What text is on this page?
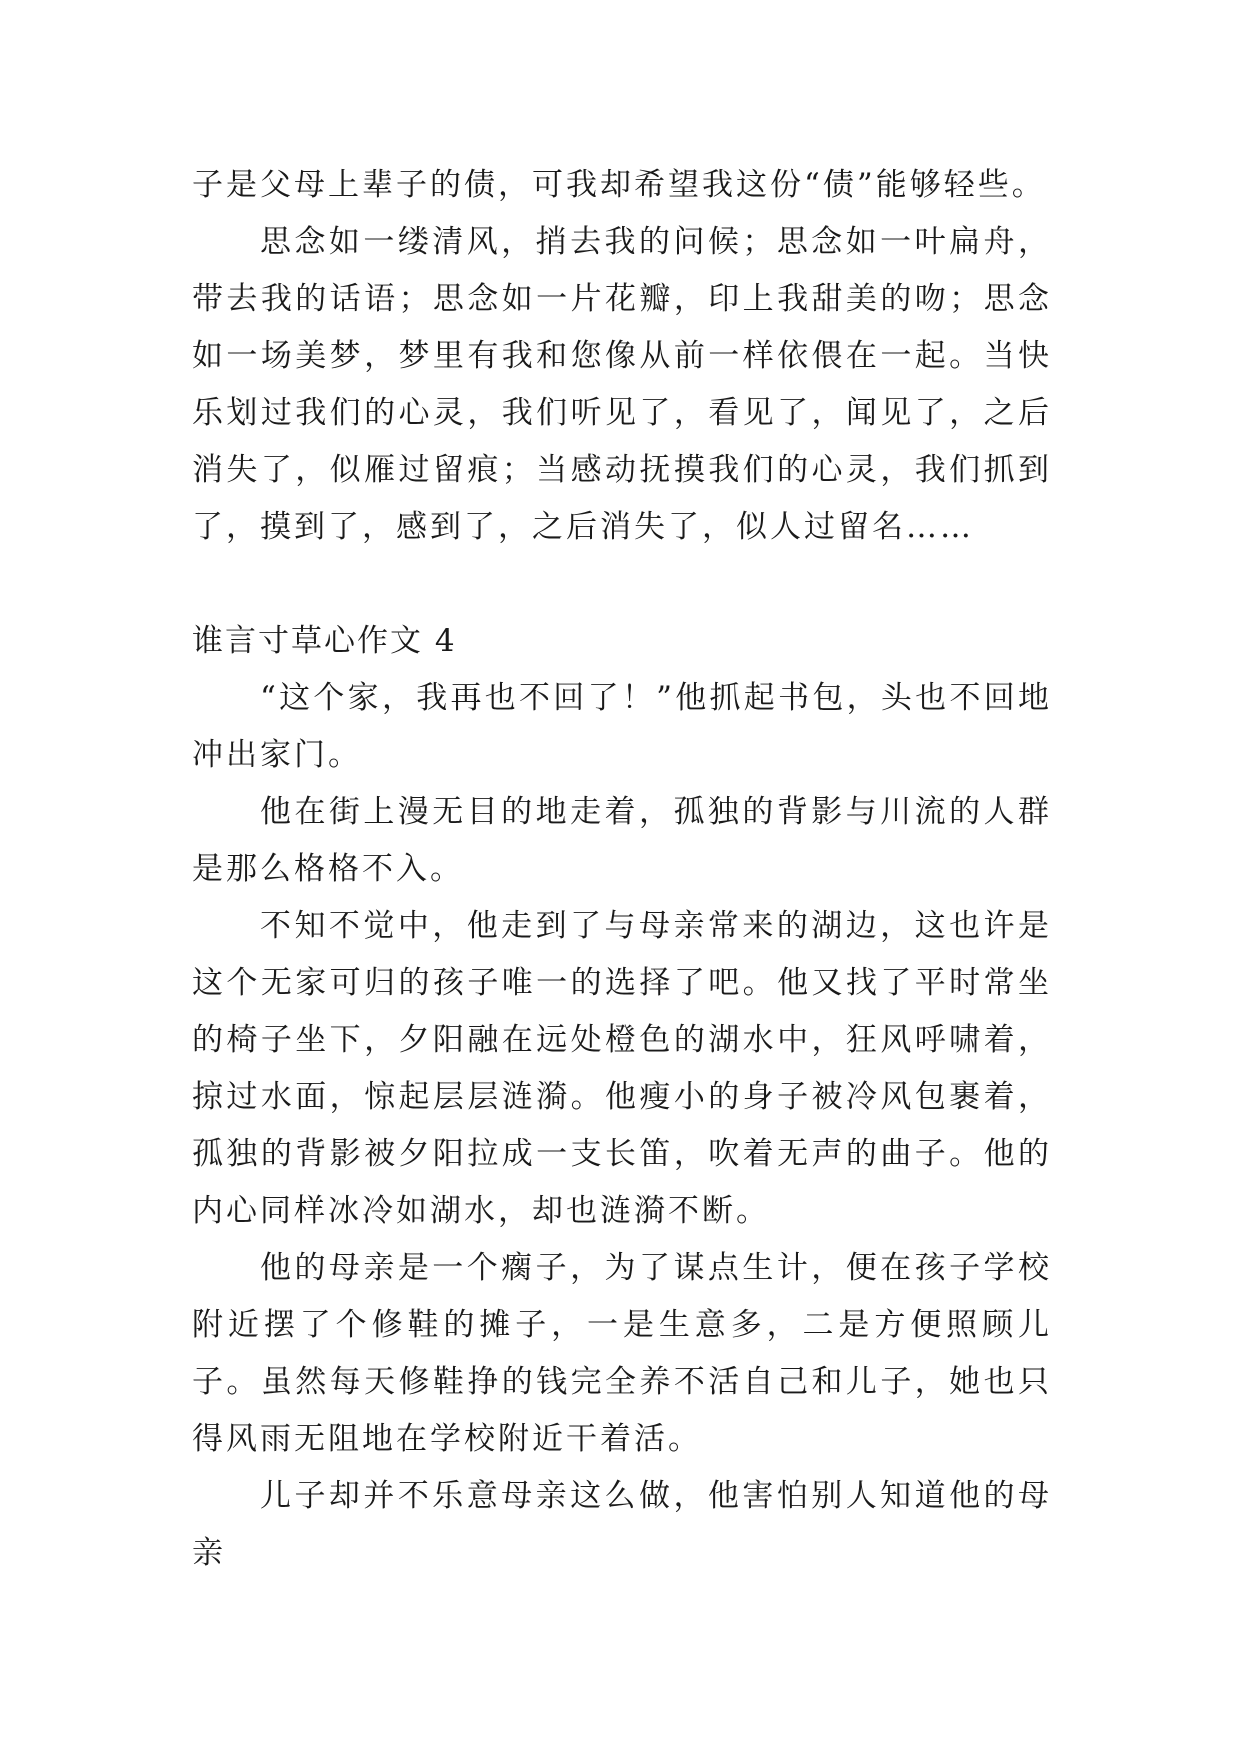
子是父母上辈子的债，可我却希望我这份“债”能够轻些。

思念如一缕清风，捎去我的问候；思念如一叶扁舟，带去我的话语；思念如一片花瓣，印上我甜美的吻；思念如一场美梦，梦里有我和您像从前一样依偎在一起。当快乐划过我们的心灵，我们听见了，看见了，闻见了，之后消失了，似雁过留痕；当感动抚摸我们的心灵，我们抓到了，摸到了，感到了，之后消失了，似人过留名……

谁言寸草心作文 4

“这个家，我再也不回了！”他抓起书包，头也不回地冲出家门。

他在街上漫无目的地走着，孤独的背影与川流的人群是那么格格不入。

不知不觉中，他走到了与母亲常来的湖边，这也许是这个无家可归的孩子唯一的选择了吧。他又找了平时常坐的椅子坐下，夕阳融在远处橙色的湖水中，狂风呼啸着，掠过水面，惊起层层涟漪。他瘦小的身子被冷风包裹着，孤独的背影被夕阳拉成一支长笛，吹着无声的曲子。他的内心同样冰冷如湖水，却也涟漪不断。

他的母亲是一个瘸子，为了谋点生计，便在孩子学校附近摆了个修鞋的摊子，一是生意多，二是方便照顾儿子。虽然每天修鞋挣的钱完全养不活自己和儿子，她也只得风雨无阻地在学校附近干着活。

儿子却并不乐意母亲这么做，他害怕别人知道他的母亲
